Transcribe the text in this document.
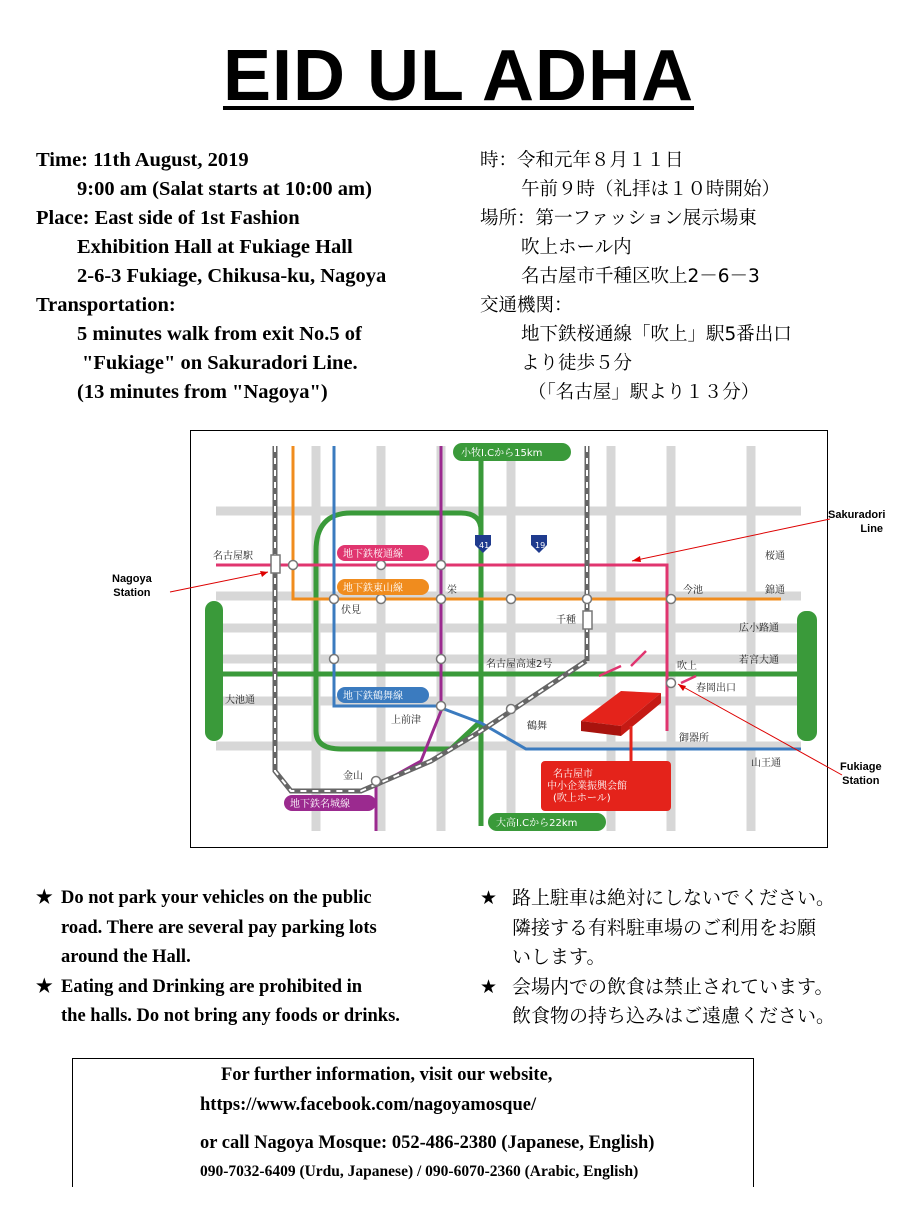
EID UL ADHA
Time: 11th August, 2019
9:00 am (Salat starts at 10:00 am)
Place: East side of 1st Fashion
Exhibition Hall at Fukiage Hall
2-6-3 Fukiage, Chikusa-ku, Nagoya
Transportation:
5 minutes walk from exit No.5 of
"Fukiage" on Sakuradori Line.
(13 minutes from "Nagoya")
時：令和元年８月１１日
午前９時（礼拝は１０時開始）
場所：第一ファッション展示場東
吹上ホール内
名古屋市千種区吹上2－6－3
交通機関：
地下鉄桜通線「吹上」駅5番出口
より徒歩５分
（「名古屋」駅より１３分）
小牧I.Cから15km
大高I.Cから22km
地下鉄桜通線
地下鉄東山線
地下鉄鶴舞線
地下鉄名城線
名古屋駅
栄
伏見
千種
今池
吹上
上前津
鶴舞
金山
大池通
桜通
錦通
広小路通
若宮大通
御器所
山王通
名古屋高速2号
春岡出口
41	19
名古屋市
中小企業振興会館
(吹上ホール)
Nagoya
Station
Sakuradori
Line
Fukiage
Station
★ Do not park your vehicles on the public
road. There are several pay parking lots
around the Hall.
★ Eating and Drinking are prohibited in
the halls. Do not bring any foods or drinks.
★ 路上駐車は絶対にしないでください。
隣接する有料駐車場のご利用をお願
いします。
★ 会場内での飲食は禁止されています。
飲食物の持ち込みはご遠慮ください。
For further information, visit our website,
https://www.facebook.com/nagoyamosque/
or call Nagoya Mosque: 052-486-2380 (Japanese, English)
090-7032-6409 (Urdu, Japanese) / 090-6070-2360 (Arabic, English)
